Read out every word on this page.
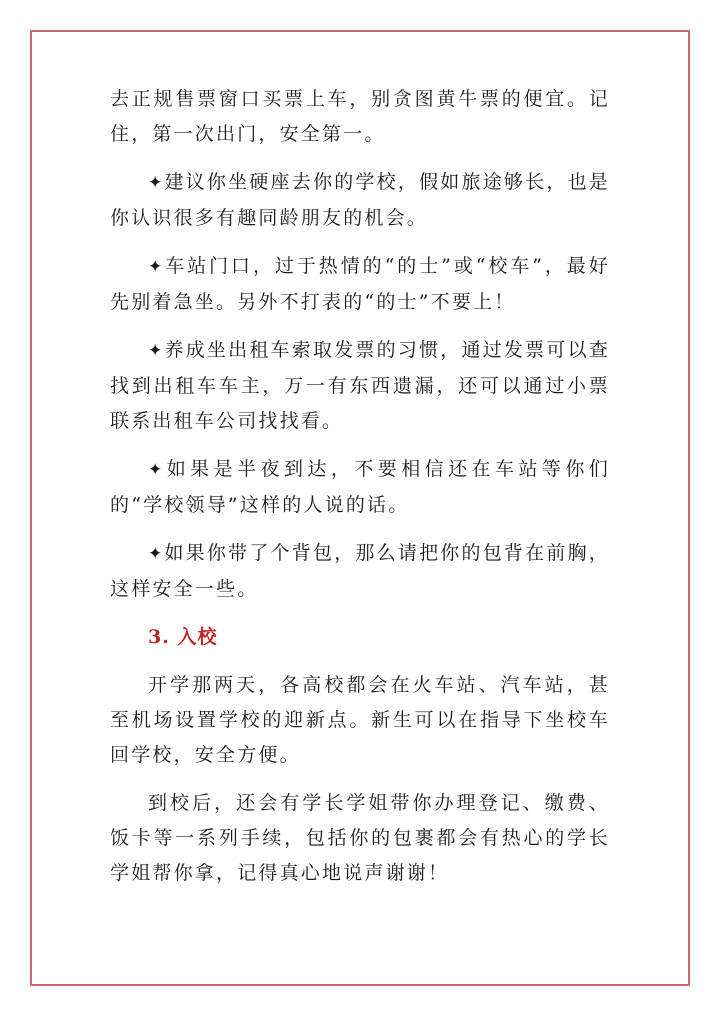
去正规售票窗口买票上车，别贪图黄牛票的便宜。记住，第一次出门，安全第一。

✦建议你坐硬座去你的学校，假如旅途够长，也是你认识很多有趣同龄朋友的机会。

✦车站门口，过于热情的“的士”或“校车”，最好先别着急坐。另外不打表的“的士”不要上！

✦养成坐出租车索取发票的习惯，通过发票可以查找到出租车车主，万一有东西遗漏，还可以通过小票联系出租车公司找找看。

✦如果是半夜到达，不要相信还在车站等你们的“学校领导”这样的人说的话。

✦如果你带了个背包，那么请把你的包背在前胸，这样安全一些。

3. 入校

开学那两天，各高校都会在火车站、汽车站，甚至机场设置学校的迎新点。新生可以在指导下坐校车回学校，安全方便。

到校后，还会有学长学姐带你办理登记、缴费、饭卡等一系列手续，包括你的包裹都会有热心的学长学姐帮你拿，记得真心地说声谢谢！
